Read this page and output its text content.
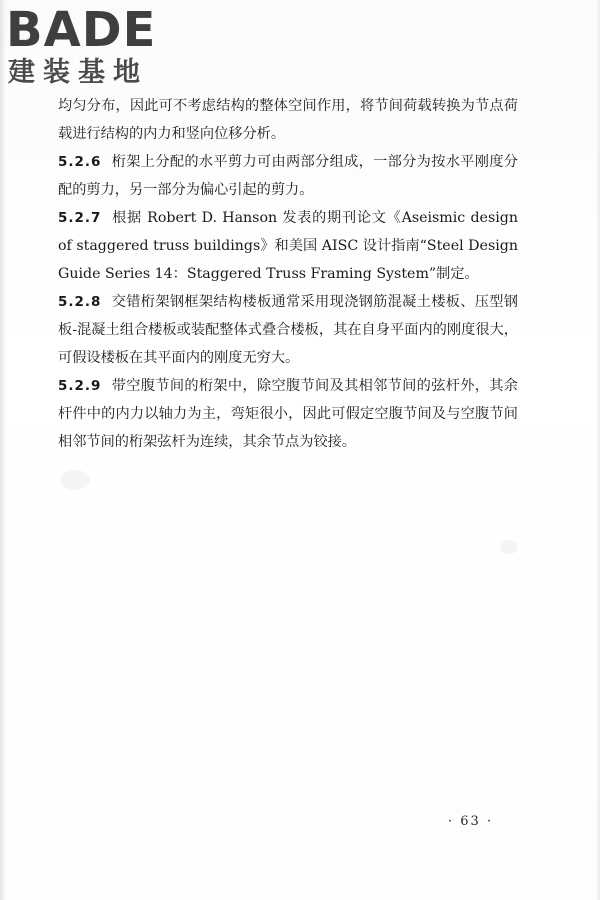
BADE
建装基地

均匀分布，因此可不考虑结构的整体空间作用，将节间荷载转换为节点荷载进行结构的内力和竖向位移分析。

5.2.6 桁架上分配的水平剪力可由两部分组成，一部分为按水平刚度分配的剪力，另一部分为偏心引起的剪力。

5.2.7 根据 Robert D. Hanson 发表的期刊论文《Aseismic design of staggered truss buildings》和美国 AISC 设计指南“Steel Design Guide Series 14：Staggered Truss Framing System”制定。

5.2.8 交错桁架钢框架结构楼板通常采用现浇钢筋混凝土楼板、压型钢板-混凝土组合楼板或装配整体式叠合楼板，其在自身平面内的刚度很大，可假设楼板在其平面内的刚度无穷大。

5.2.9 带空腹节间的桁架中，除空腹节间及其相邻节间的弦杆外，其余杆件中的内力以轴力为主，弯矩很小，因此可假定空腹节间及与空腹节间相邻节间的桁架弦杆为连续，其余节点为铰接。

· 63 ·
